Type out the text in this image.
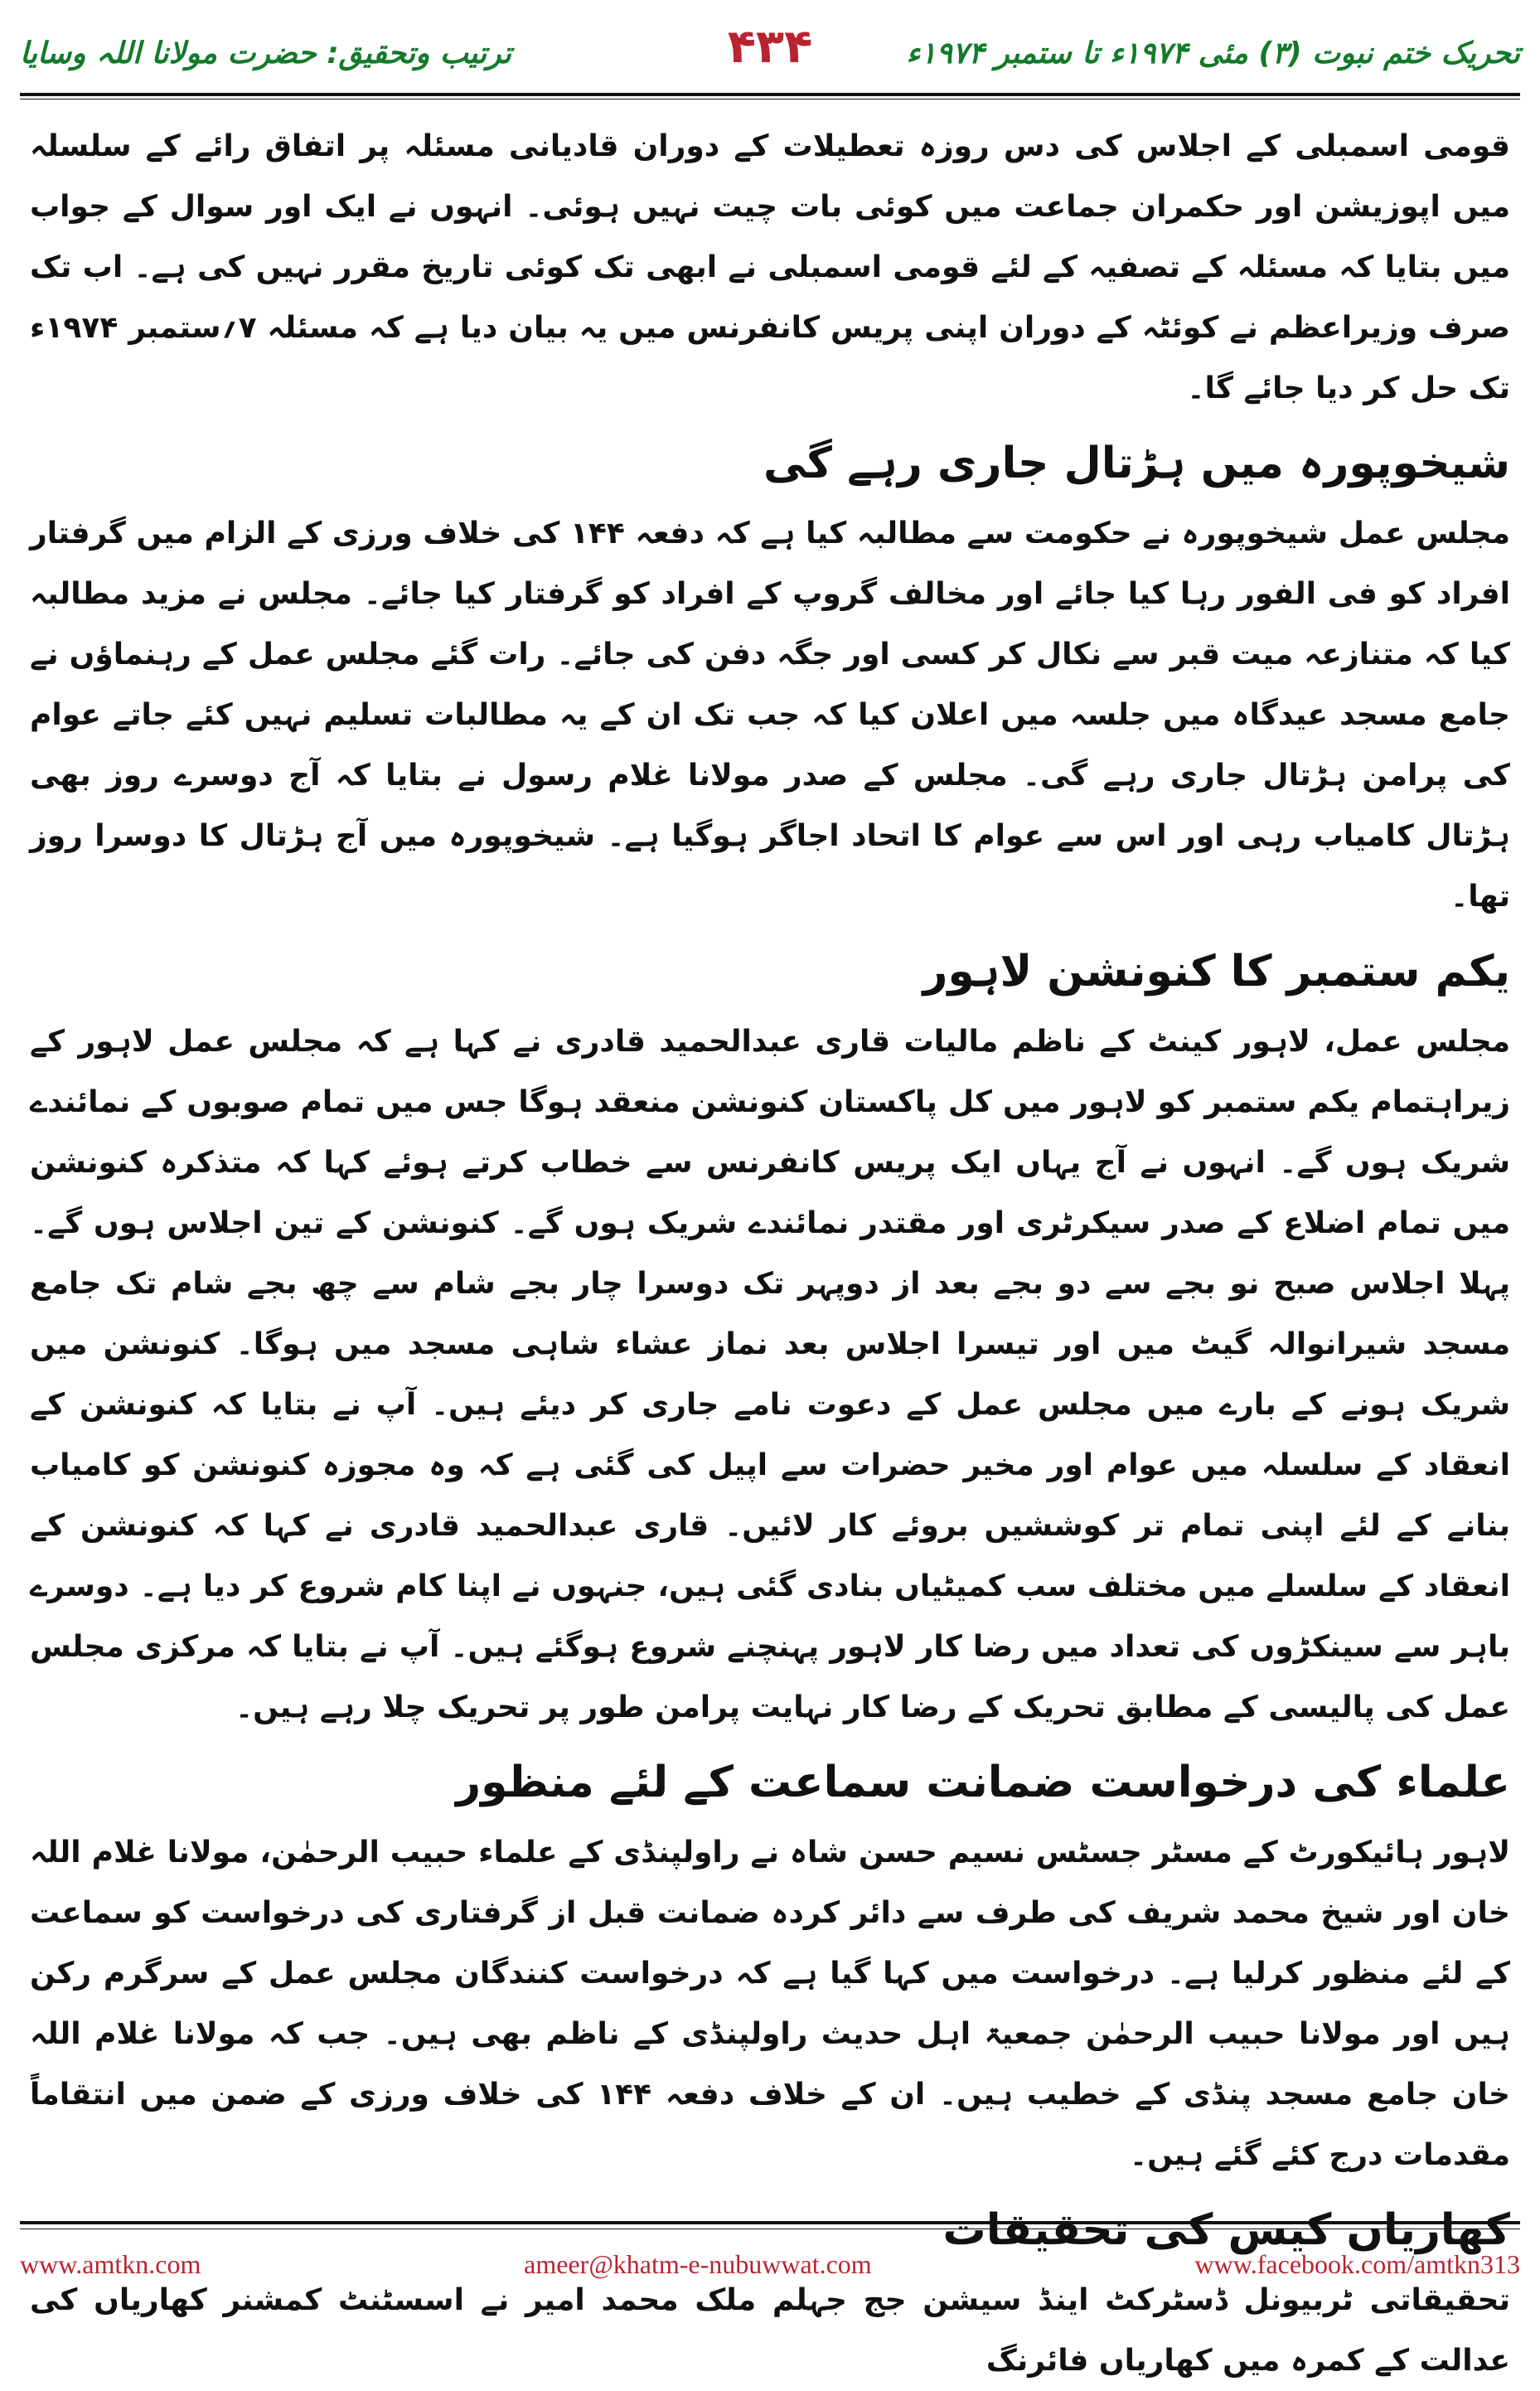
تحریک ختم نبوت (۳) مئی ۱۹۷۴ء تا ستمبر ۱۹۷۴ء
۴۳۴
ترتیب وتحقیق: حضرت مولانا اللہ وسایا

قومی اسمبلی کے اجلاس کی دس روزہ تعطیلات کے دوران قادیانی مسئلہ پر اتفاق رائے کے سلسلہ میں اپوزیشن اور حکمران جماعت میں کوئی بات چیت نہیں ہوئی۔ انہوں نے ایک اور سوال کے جواب میں بتایا کہ مسئلہ کے تصفیہ کے لئے قومی اسمبلی نے ابھی تک کوئی تاریخ مقرر نہیں کی ہے۔ اب تک صرف وزیراعظم نے کوئٹہ کے دوران اپنی پریس کانفرنس میں یہ بیان دیا ہے کہ مسئلہ ۷؍ستمبر ۱۹۷۴ء تک حل کر دیا جائے گا۔

شیخوپورہ میں ہڑتال جاری رہے گی

مجلس عمل شیخوپورہ نے حکومت سے مطالبہ کیا ہے کہ دفعہ ۱۴۴ کی خلاف ورزی کے الزام میں گرفتار افراد کو فی الفور رہا کیا جائے اور مخالف گروپ کے افراد کو گرفتار کیا جائے۔ مجلس نے مزید مطالبہ کیا کہ متنازعہ میت قبر سے نکال کر کسی اور جگہ دفن کی جائے۔ رات گئے مجلس عمل کے رہنماؤں نے جامع مسجد عیدگاہ میں جلسہ میں اعلان کیا کہ جب تک ان کے یہ مطالبات تسلیم نہیں کئے جاتے عوام کی پرامن ہڑتال جاری رہے گی۔ مجلس کے صدر مولانا غلام رسول نے بتایا کہ آج دوسرے روز بھی ہڑتال کامیاب رہی اور اس سے عوام کا اتحاد اجاگر ہوگیا ہے۔ شیخوپورہ میں آج ہڑتال کا دوسرا روز تھا۔

یکم ستمبر کا کنونشن لاہور

مجلس عمل، لاہور کینٹ کے ناظم مالیات قاری عبدالحمید قادری نے کہا ہے کہ مجلس عمل لاہور کے زیراہتمام یکم ستمبر کو لاہور میں کل پاکستان کنونشن منعقد ہوگا جس میں تمام صوبوں کے نمائندے شریک ہوں گے۔ انہوں نے آج یہاں ایک پریس کانفرنس سے خطاب کرتے ہوئے کہا کہ متذکرہ کنونشن میں تمام اضلاع کے صدر سیکرٹری اور مقتدر نمائندے شریک ہوں گے۔ کنونشن کے تین اجلاس ہوں گے۔ پہلا اجلاس صبح نو بجے سے دو بجے بعد از دوپہر تک دوسرا چار بجے شام سے چھ بجے شام تک جامع مسجد شیرانوالہ گیٹ میں اور تیسرا اجلاس بعد نماز عشاء شاہی مسجد میں ہوگا۔ کنونشن میں شریک ہونے کے بارے میں مجلس عمل کے دعوت نامے جاری کر دیئے ہیں۔ آپ نے بتایا کہ کنونشن کے انعقاد کے سلسلہ میں عوام اور مخیر حضرات سے اپیل کی گئی ہے کہ وہ مجوزہ کنونشن کو کامیاب بنانے کے لئے اپنی تمام تر کوششیں بروئے کار لائیں۔ قاری عبدالحمید قادری نے کہا کہ کنونشن کے انعقاد کے سلسلے میں مختلف سب کمیٹیاں بنادی گئی ہیں، جنہوں نے اپنا کام شروع کر دیا ہے۔ دوسرے باہر سے سینکڑوں کی تعداد میں رضا کار لاہور پہنچنے شروع ہوگئے ہیں۔ آپ نے بتایا کہ مرکزی مجلس عمل کی پالیسی کے مطابق تحریک کے رضا کار نہایت پرامن طور پر تحریک چلا رہے ہیں۔

علماء کی درخواست ضمانت سماعت کے لئے منظور

لاہور ہائیکورٹ کے مسٹر جسٹس نسیم حسن شاہ نے راولپنڈی کے علماء حبیب الرحمٰن، مولانا غلام اللہ خان اور شیخ محمد شریف کی طرف سے دائر کردہ ضمانت قبل از گرفتاری کی درخواست کو سماعت کے لئے منظور کرلیا ہے۔ درخواست میں کہا گیا ہے کہ درخواست کنندگان مجلس عمل کے سرگرم رکن ہیں اور مولانا حبیب الرحمٰن جمعیۃ اہل حدیث راولپنڈی کے ناظم بھی ہیں۔ جب کہ مولانا غلام اللہ خان جامع مسجد پنڈی کے خطیب ہیں۔ ان کے خلاف دفعہ ۱۴۴ کی خلاف ورزی کے ضمن میں انتقاماً مقدمات درج کئے گئے ہیں۔

کھاریاں کیس کی تحقیقات

تحقیقاتی ٹربیونل ڈسٹرکٹ اینڈ سیشن جج جہلم ملک محمد امیر نے اسسٹنٹ کمشنر کھاریاں کی عدالت کے کمرہ میں کھاریاں فائرنگ

www.amtkn.com	ameer@khatm-e-nubuwwat.com	www.facebook.com/amtkn313
